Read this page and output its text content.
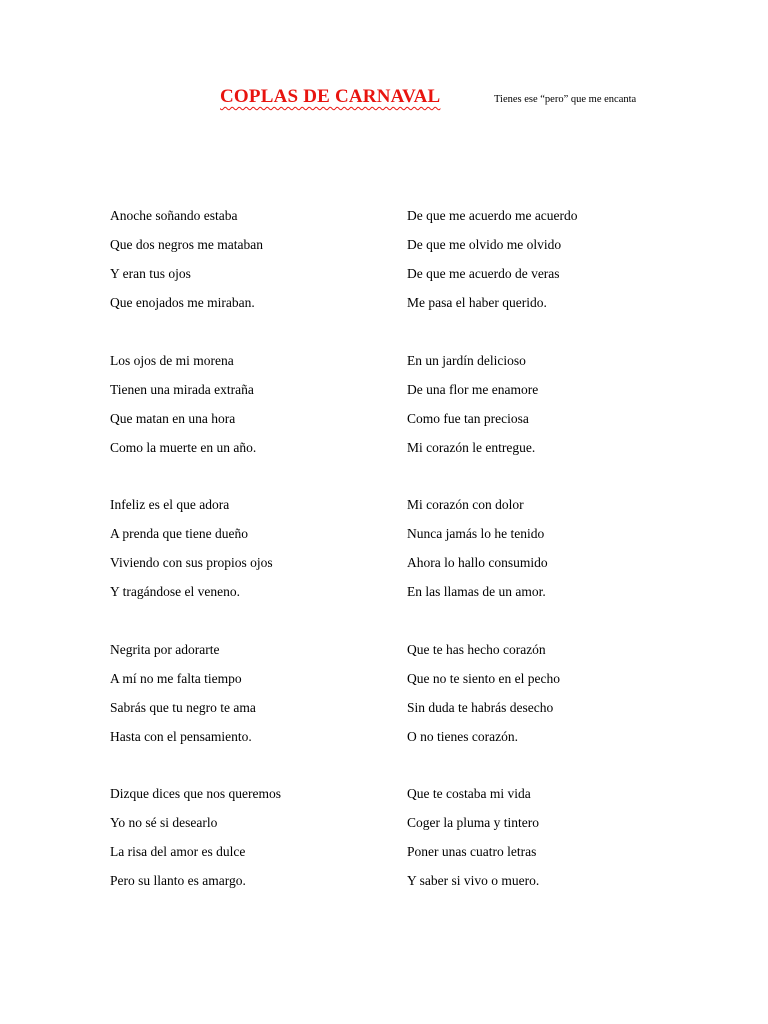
COPLAS DE CARNAVAL	Tienes ese “pero” que me encanta
Anoche soñando estaba
Que dos negros me mataban
Y eran tus ojos
Que enojados me miraban.
Los ojos de mi morena
Tienen una mirada extraña
Que matan en una hora
Como la muerte en un año.
Infeliz es el que adora
A prenda que tiene dueño
Viviendo con sus propios ojos
Y tragándose el veneno.
Negrita por adorarte
A mí no me falta tiempo
Sabrás que tu negro te ama
Hasta con el pensamiento.
Dizque dices que nos queremos
Yo no sé si desearlo
La risa del amor es dulce
Pero su llanto es amargo.
De que me acuerdo me acuerdo
De que me olvido me olvido
De que me acuerdo de veras
Me pasa el haber querido.
En un jardín delicioso
De una flor me enamore
Como fue tan preciosa
Mi corazón le entregue.
Mi corazón con dolor
Nunca jamás lo he tenido
Ahora lo hallo consumido
En las llamas de un amor.
Que te has hecho corazón
Que no te siento en el pecho
Sin duda te habrás desecho
O no tienes corazón.
Que te costaba mi vida
Coger la pluma y tintero
Poner unas cuatro letras
Y saber si vivo o muero.
